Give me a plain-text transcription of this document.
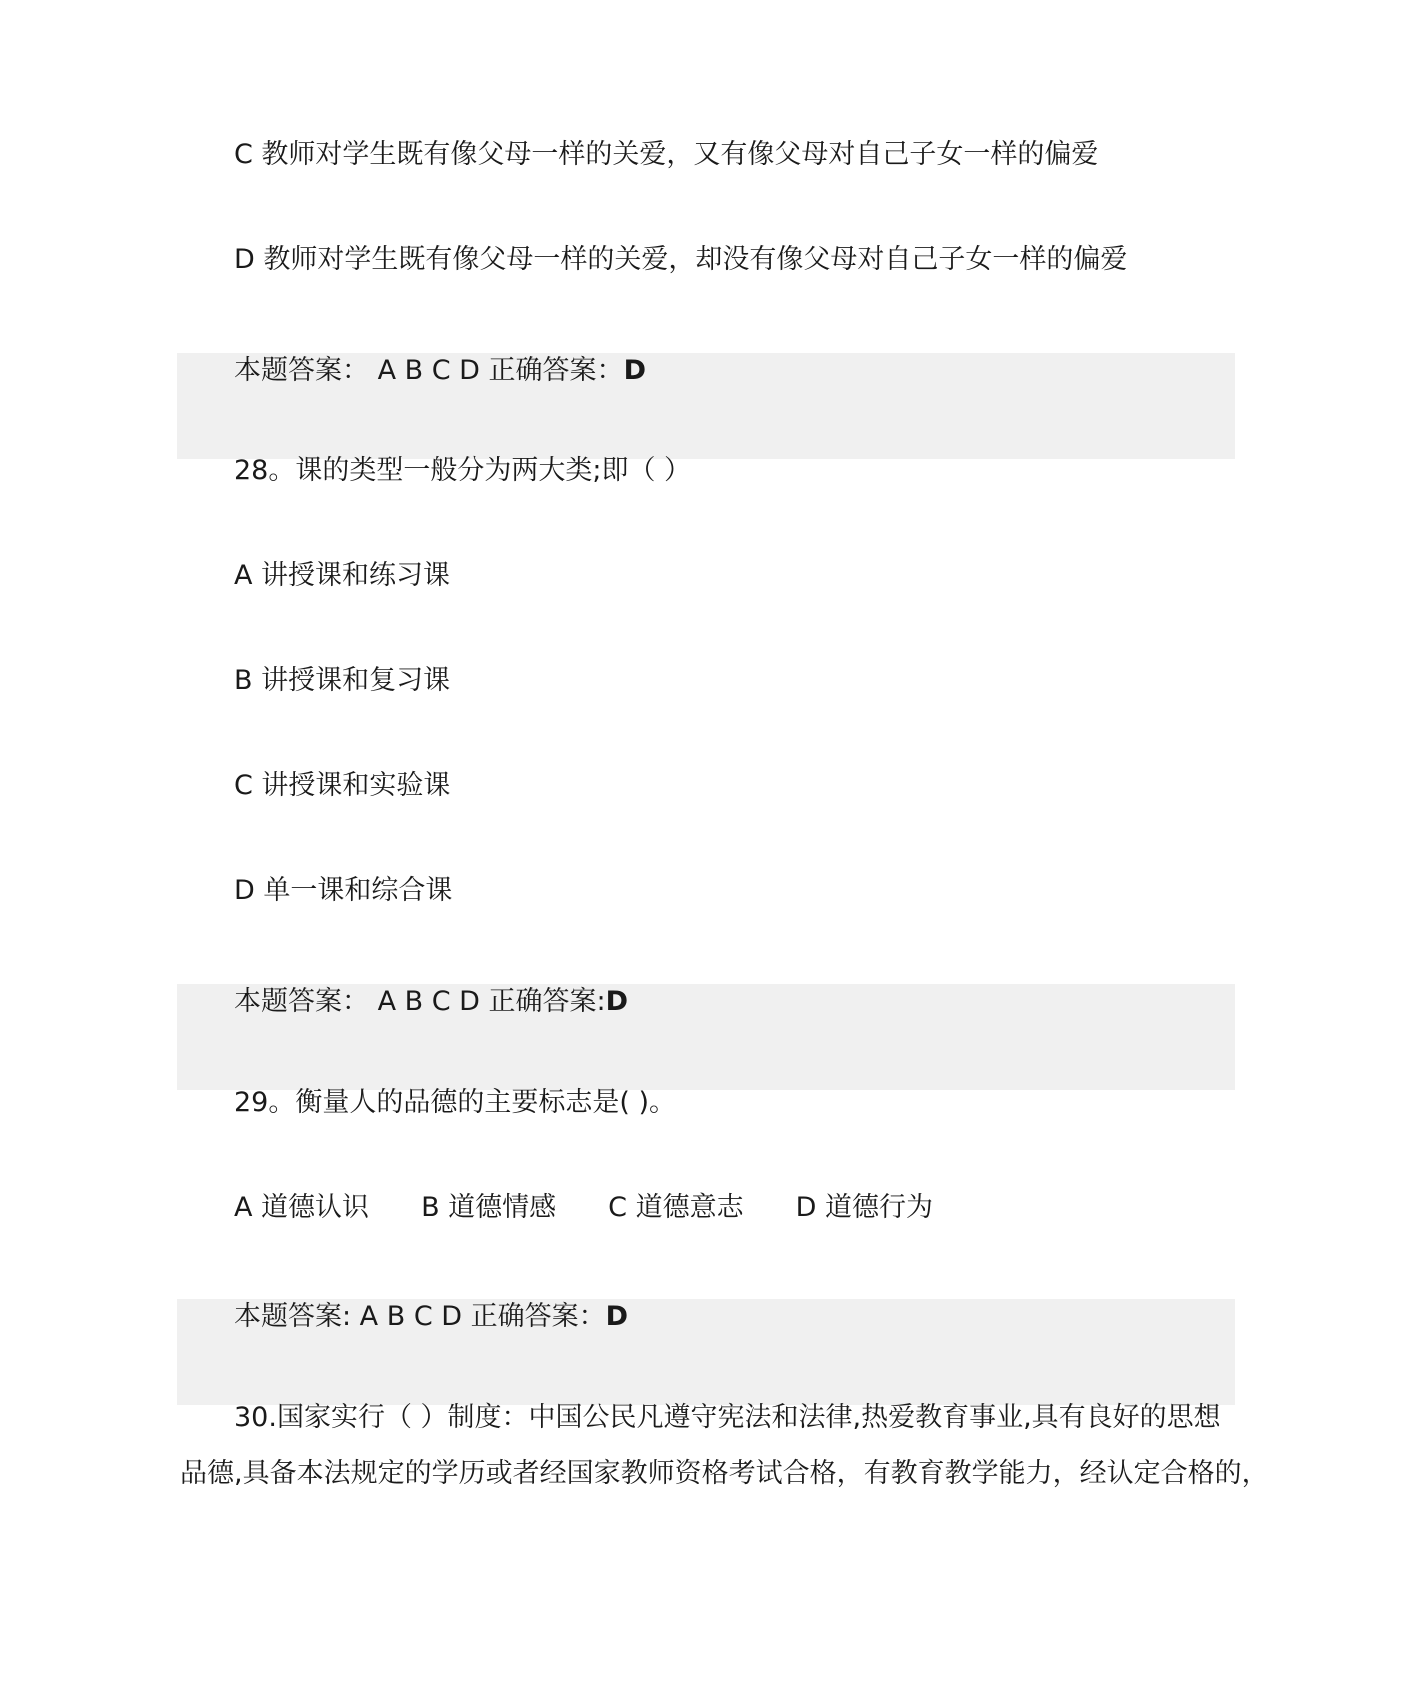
C 教师对学生既有像父母一样的关爱，又有像父母对自己子女一样的偏爱
D 教师对学生既有像父母一样的关爱，却没有像父母对自己子女一样的偏爱
本题答案： A B C D 正确答案：D
28。课的类型一般分为两大类;即（ ）
A 讲授课和练习课
B 讲授课和复习课
C 讲授课和实验课
D 单一课和综合课
本题答案： A B C D 正确答案:D
29。衡量人的品德的主要标志是( )。
A 道德认识 B 道德情感 C 道德意志 D 道德行为
本题答案: A B C D 正确答案：D
30.国家实行（ ）制度：中国公民凡遵守宪法和法律,热爱教育事业,具有良好的思想
品德,具备本法规定的学历或者经国家教师资格考试合格，有教育教学能力，经认定合格的，
